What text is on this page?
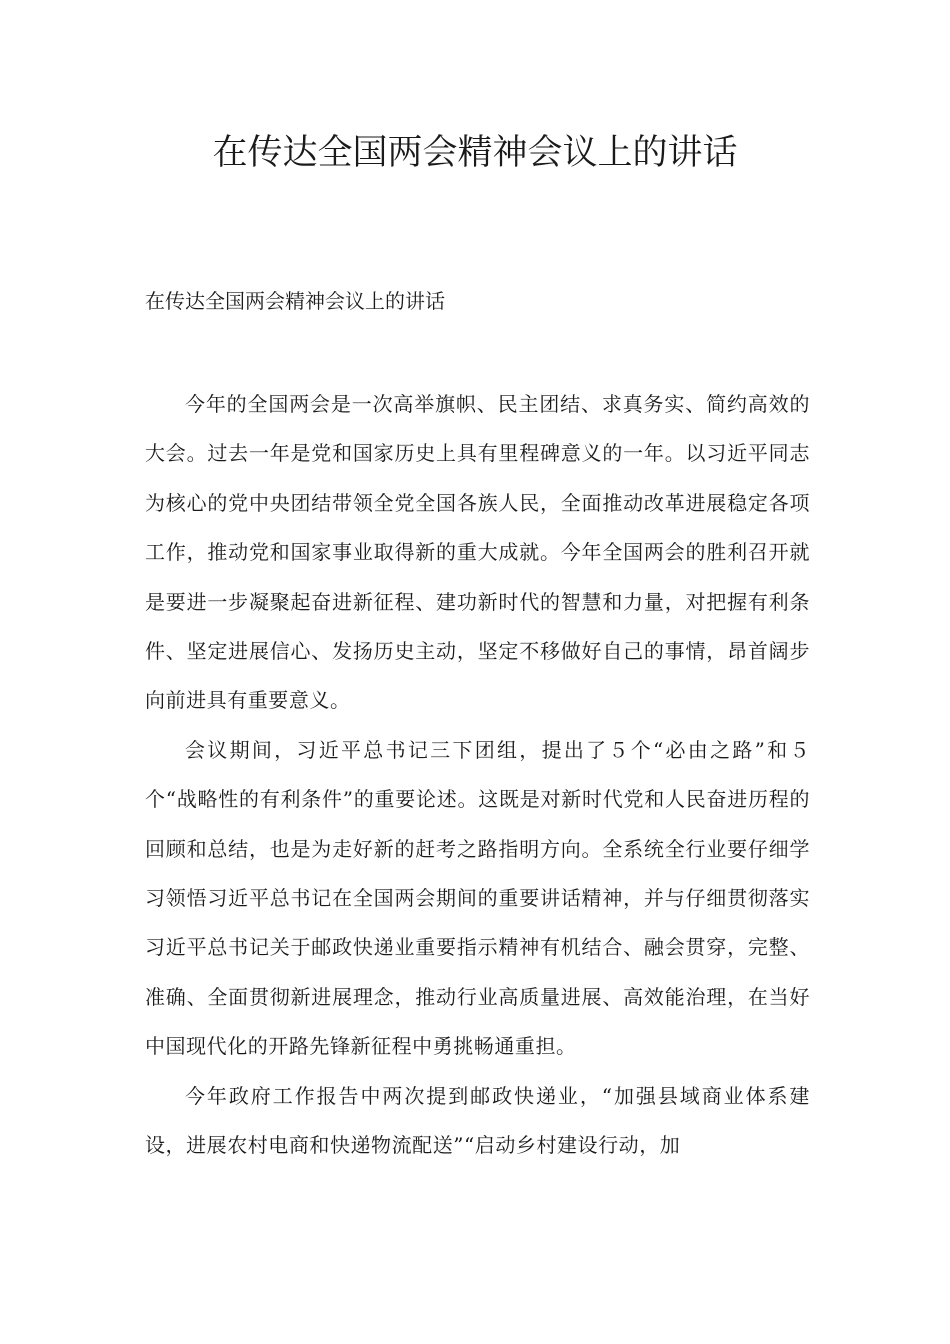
在传达全国两会精神会议上的讲话

在传达全国两会精神会议上的讲话

今年的全国两会是一次高举旗帜、民主团结、求真务实、简约高效的大会。过去一年是党和国家历史上具有里程碑意义的一年。以习近平同志为核心的党中央团结带领全党全国各族人民，全面推动改革进展稳定各项工作，推动党和国家事业取得新的重大成就。今年全国两会的胜利召开就是要进一步凝聚起奋进新征程、建功新时代的智慧和力量，对把握有利条件、坚定进展信心、发扬历史主动，坚定不移做好自己的事情，昂首阔步向前进具有重要意义。

会议期间，习近平总书记三下团组，提出了５个“必由之路”和５个“战略性的有利条件”的重要论述。这既是对新时代党和人民奋进历程的回顾和总结，也是为走好新的赶考之路指明方向。全系统全行业要仔细学习领悟习近平总书记在全国两会期间的重要讲话精神，并与仔细贯彻落实习近平总书记关于邮政快递业重要指示精神有机结合、融会贯穿，完整、准确、全面贯彻新进展理念，推动行业高质量进展、高效能治理，在当好中国现代化的开路先锋新征程中勇挑畅通重担。

今年政府工作报告中两次提到邮政快递业，“加强县域商业体系建设，进展农村电商和快递物流配送”“启动乡村建设行动，加
